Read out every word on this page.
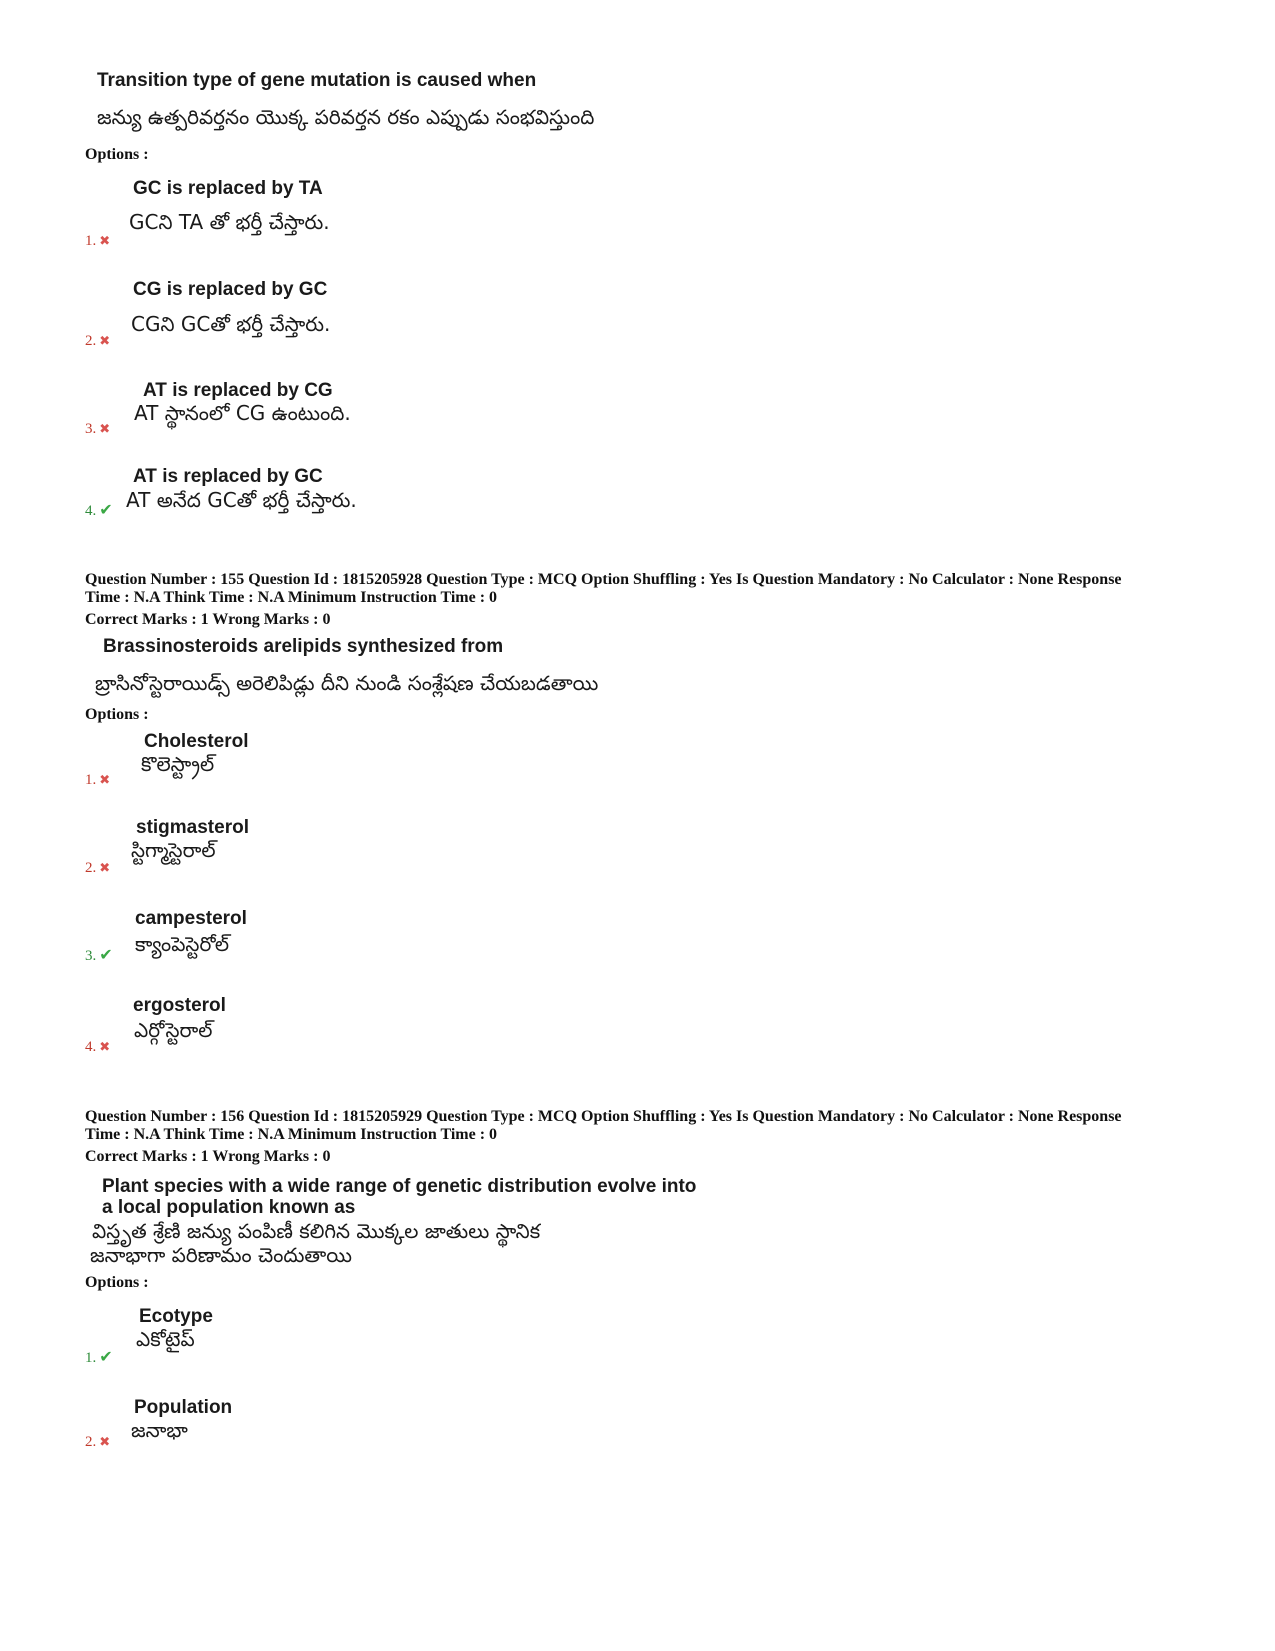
Transition type of gene mutation is caused when
జన్యు ఉత్పరివర్తనం యొక్క పరివర్తన రకం ఎప్పుడు సంభవిస్తుంది
Options :
GC is replaced by TA
GCని TA తో భర్తీ చేస్తారు.
1. ✖
CG is replaced by GC
CGని GCతో భర్తీ చేస్తారు.
2. ✖
AT is replaced by CG
AT స్థానంలో CG ఉంటుంది.
3. ✖
AT is replaced by GC
AT అనేద GCతో భర్తీ చేస్తారు.
4. ✔
Question Number : 155 Question Id : 1815205928 Question Type : MCQ Option Shuffling : Yes Is Question Mandatory : No Calculator : None Response
Time : N.A Think Time : N.A Minimum Instruction Time : 0
Correct Marks : 1 Wrong Marks : 0
Brassinosteroids arelipids synthesized from
బ్రాసినోస్టెరాయిడ్స్ అరెలిపిడ్లు దీని నుండి సంశ్లేషణ చేయబడతాయి
Options :
Cholesterol
కొలెస్ట్రాల్
1. ✖
stigmasterol
స్టిగ్మాస్టెరాల్
2. ✖
campesterol
క్యాంపెస్టెరోల్
3. ✔
ergosterol
ఎర్గోస్టెరాల్
4. ✖
Question Number : 156 Question Id : 1815205929 Question Type : MCQ Option Shuffling : Yes Is Question Mandatory : No Calculator : None Response
Time : N.A Think Time : N.A Minimum Instruction Time : 0
Correct Marks : 1 Wrong Marks : 0
Plant species with a wide range of genetic distribution evolve into
a local population known as
విస్తృత శ్రేణి జన్యు పంపిణీ కలిగిన మొక్కల జాతులు స్థానిక
జనాభాగా పరిణామం చెందుతాయి
Options :
Ecotype
ఎకోటైప్
1. ✔
Population
జనాభా
2. ✖
